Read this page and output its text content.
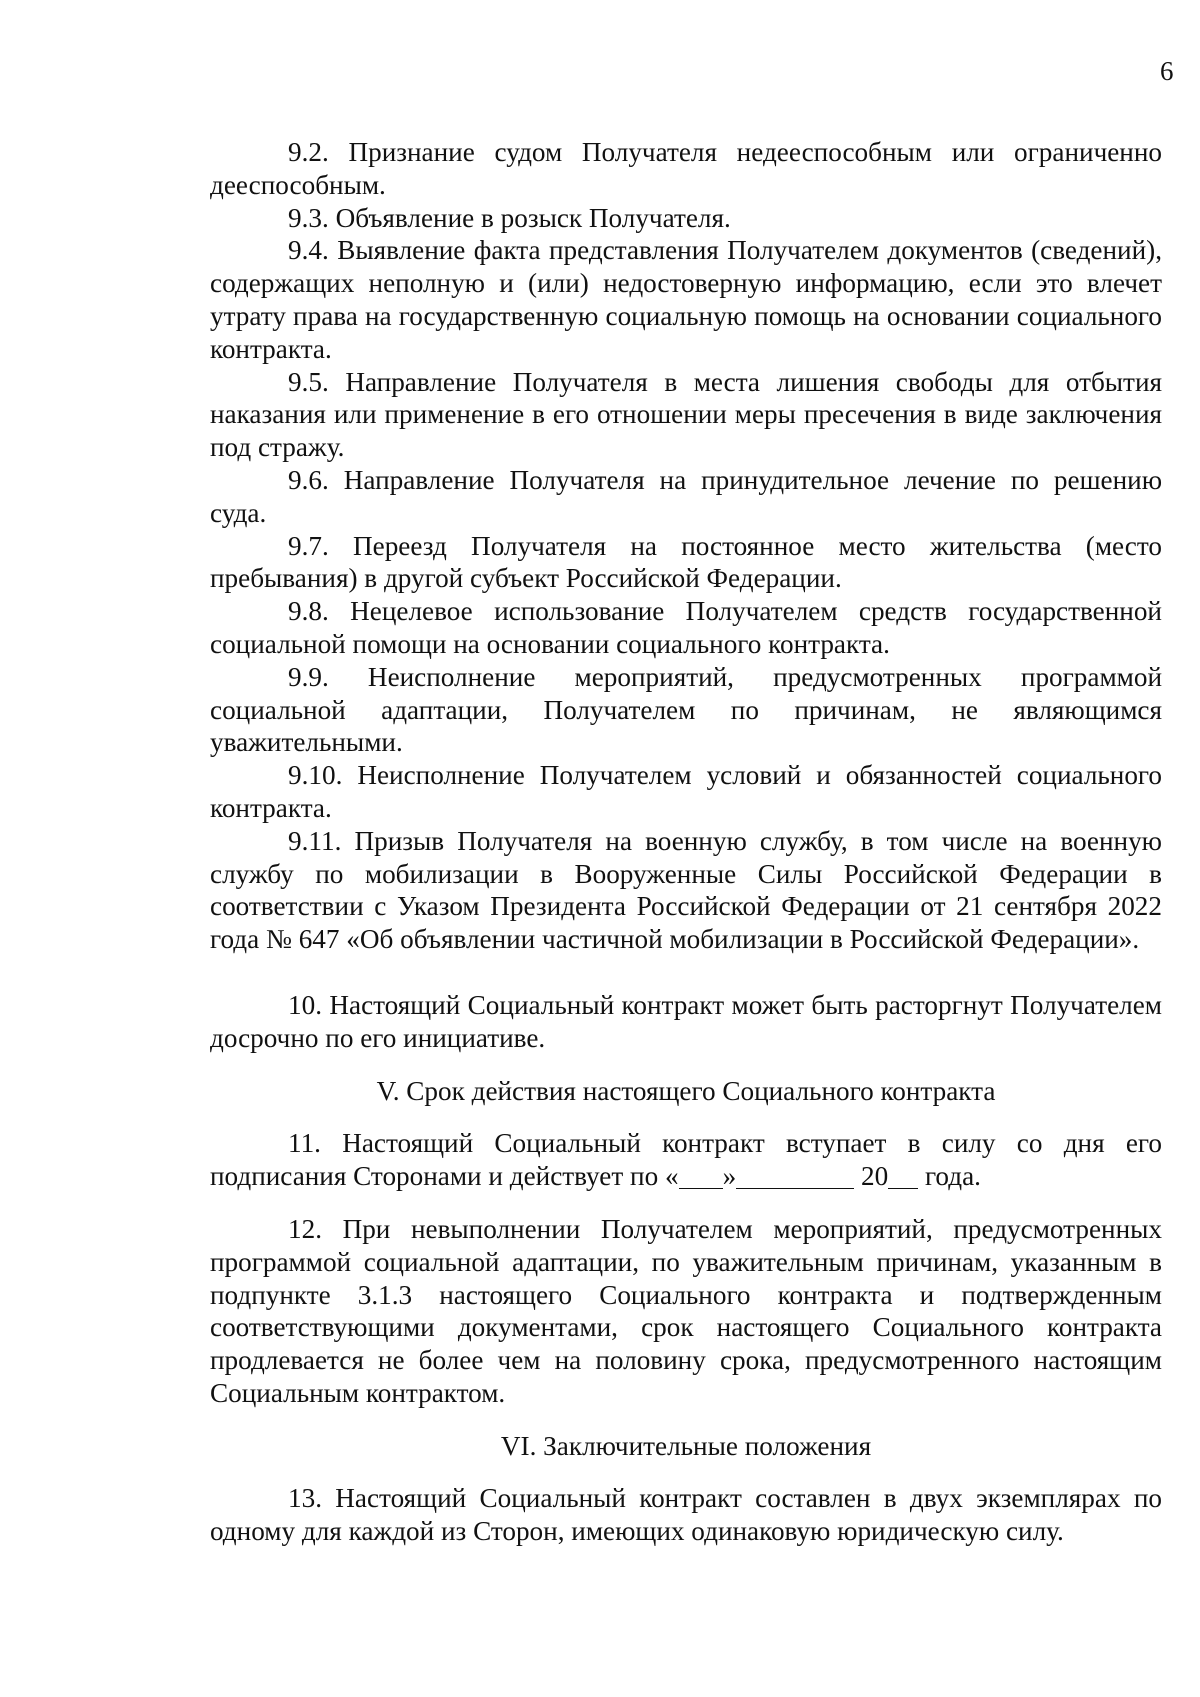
6

9.2. Признание судом Получателя недееспособным или ограниченно дееспособным.

9.3. Объявление в розыск Получателя.

9.4. Выявление факта представления Получателем документов (сведений), содержащих неполную и (или) недостоверную информацию, если это влечет утрату права на государственную социальную помощь на основании социального контракта.

9.5. Направление Получателя в места лишения свободы для отбытия наказания или применение в его отношении меры пресечения в виде заключения под стражу.

9.6. Направление Получателя на принудительное лечение по решению суда.

9.7. Переезд Получателя на постоянное место жительства (место пребывания) в другой субъект Российской Федерации.

9.8. Нецелевое использование Получателем средств государственной социальной помощи на основании социального контракта.

9.9. Неисполнение мероприятий, предусмотренных программой социальной адаптации, Получателем по причинам, не являющимся уважительными.

9.10. Неисполнение Получателем условий и обязанностей социального контракта.

9.11. Призыв Получателя на военную службу, в том числе на военную службу по мобилизации в Вооруженные Силы Российской Федерации в соответствии с Указом Президента Российской Федерации от 21 сентября 2022 года № 647 «Об объявлении частичной мобилизации в Российской Федерации».

10. Настоящий Социальный контракт может быть расторгнут Получателем досрочно по его инициативе.

V. Срок действия настоящего Социального контракта

11. Настоящий Социальный контракт вступает в силу со дня его подписания Сторонами и действует по « »	20 года.

12. При невыполнении Получателем мероприятий, предусмотренных программой социальной адаптации, по уважительным причинам, указанным в подпункте 3.1.3 настоящего Социального контракта и подтвержденным соответствующими документами, срок настоящего Социального контракта продлевается не более чем на половину срока, предусмотренного настоящим Социальным контрактом.

VI. Заключительные положения

13. Настоящий Социальный контракт составлен в двух экземплярах по одному для каждой из Сторон, имеющих одинаковую юридическую силу.
